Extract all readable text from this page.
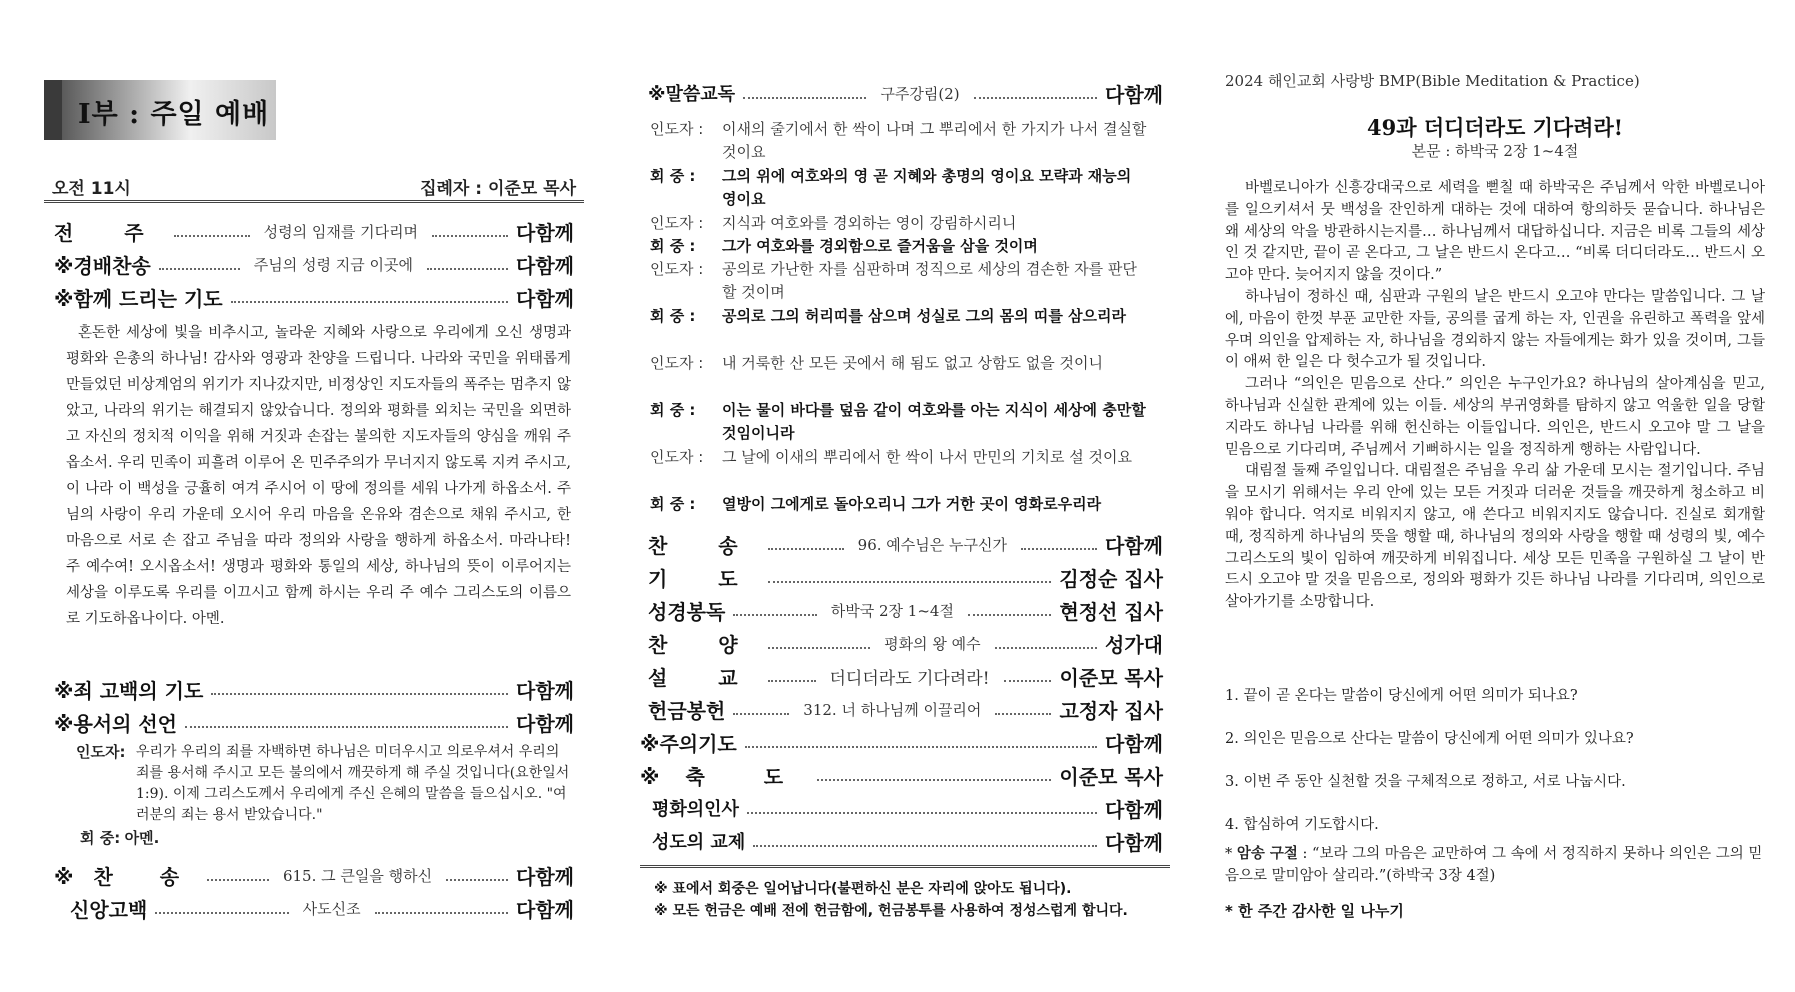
I부 : 주일 예배
오전 11시	집례자 : 이준모 목사
전 주	성령의 임재를 기다리며	다함께
※경배찬송	주님의 성령 지금 이곳에	다함께
※함께 드리는 기도	다함께
혼돈한 세상에 빛을 비추시고, 놀라운 지혜와 사랑으로 우리에게 오신 생명과 평화와 은총의 하나님! 감사와 영광과 찬양을 드립니다. 나라와 국민을 위태롭게 만들었던 비상계엄의 위기가 지나갔지만, 비정상인 지도자들의 폭주는 멈추지 않았고, 나라의 위기는 해결되지 않았습니다. 정의와 평화를 외치는 국민을 외면하고 자신의 정치적 이익을 위해 거짓과 손잡는 불의한 지도자들의 양심을 깨워 주옵소서. 우리 민족이 피흘려 이루어 온 민주주의가 무너지지 않도록 지켜 주시고, 이 나라 이 백성을 긍휼히 여겨 주시어 이 땅에 정의를 세워 나가게 하옵소서. 주님의 사랑이 우리 가운데 오시어 우리 마음을 온유와 겸손으로 채워 주시고, 한 마음으로 서로 손 잡고 주님을 따라 정의와 사랑을 행하게 하옵소서. 마라나타! 주 예수여! 오시옵소서! 생명과 평화와 통일의 세상, 하나님의 뜻이 이루어지는 세상을 이루도록 우리를 이끄시고 함께 하시는 우리 주 예수 그리스도의 이름으로 기도하옵나이다. 아멘.
※죄 고백의 기도	다함께
※용서의 선언	다함께
인도자: 우리가 우리의 죄를 자백하면 하나님은 미더우시고 의로우셔서 우리의 죄를 용서해 주시고 모든 불의에서 깨끗하게 해 주실 것입니다(요한일서 1:9). 이제 그리스도께서 우리에게 주신 은혜의 말씀을 들으십시오. "여러분의 죄는 용서 받았습니다."
회 중: 아멘.
※찬 송	615. 그 큰일을 행하신	다함께
신앙고백	사도신조	다함께
※말씀교독	구주강림(2)	다함께
인도자 :	이새의 줄기에서 한 싹이 나며 그 뿌리에서 한 가지가 나서 결실할 것이요
회 중 :	그의 위에 여호와의 영 곧 지혜와 총명의 영이요 모략과 재능의 영이요
인도자 :	지식과 여호와를 경외하는 영이 강림하시리니
회 중 :	그가 여호와를 경외함으로 즐거움을 삼을 것이며
인도자 :	공의로 가난한 자를 심판하며 정직으로 세상의 겸손한 자를 판단할 것이며
회 중 :	공의로 그의 허리띠를 삼으며 성실로 그의 몸의 띠를 삼으리라
인도자 :	내 거룩한 산 모든 곳에서 해 됨도 없고 상함도 없을 것이니
회 중 :	이는 물이 바다를 덮음 같이 여호와를 아는 지식이 세상에 충만할 것임이니라
인도자 :	그 날에 이새의 뿌리에서 한 싹이 나서 만민의 기치로 설 것이요
회 중 :	열방이 그에게로 돌아오리니 그가 거한 곳이 영화로우리라
찬 송	96. 예수님은 누구신가	다함께
기 도	김정순 집사
성경봉독	하박국 2장 1~4절	현정선 집사
찬 양	평화의 왕 예수	성가대
설 교	더디더라도 기다려라!	이준모 목사
헌금봉헌	312. 너 하나님께 이끌리어	고정자 집사
※주의기도	다함께
※축 도	이준모 목사
평화의인사	다함께
성도의 교제	다함께
※ 표에서 회중은 일어납니다(불편하신 분은 자리에 앉아도 됩니다).
※ 모든 헌금은 예배 전에 헌금함에, 헌금봉투를 사용하여 정성스럽게 합니다.
2024 해인교회 사랑방 BMP(Bible Meditation & Practice)
49과 더디더라도 기다려라!
본문 : 하박국 2장 1~4절

바벨로니아가 신흥강대국으로 세력을 뻗칠 때 하박국은 주님께서 악한 바벨로니아를 일으키셔서 뭇 백성을 잔인하게 대하는 것에 대하여 항의하듯 묻습니다. 하나님은 왜 세상의 악을 방관하시는지를… 하나님께서 대답하십니다. 지금은 비록 그들의 세상인 것 같지만, 끝이 곧 온다고, 그 날은 반드시 온다고… “비록 더디더라도… 반드시 오고야 만다. 늦어지지 않을 것이다.”

하나님이 정하신 때, 심판과 구원의 날은 반드시 오고야 만다는 말씀입니다. 그 날에, 마음이 한껏 부푼 교만한 자들, 공의를 굽게 하는 자, 인권을 유린하고 폭력을 앞세우며 의인을 압제하는 자, 하나님을 경외하지 않는 자들에게는 화가 있을 것이며, 그들이 애써 한 일은 다 헛수고가 될 것입니다.

그러나 “의인은 믿음으로 산다.” 의인은 누구인가요? 하나님의 살아계심을 믿고, 하나님과 신실한 관계에 있는 이들. 세상의 부귀영화를 탐하지 않고 억울한 일을 당할지라도 하나님 나라를 위해 헌신하는 이들입니다. 의인은, 반드시 오고야 말 그 날을 믿음으로 기다리며, 주님께서 기뻐하시는 일을 정직하게 행하는 사람입니다.

대림절 둘째 주일입니다. 대림절은 주님을 우리 삶 가운데 모시는 절기입니다. 주님을 모시기 위해서는 우리 안에 있는 모든 거짓과 더러운 것들을 깨끗하게 청소하고 비워야 합니다. 억지로 비워지지 않고, 애 쓴다고 비워지지도 않습니다. 진실로 회개할 때, 정직하게 하나님의 뜻을 행할 때, 하나님의 정의와 사랑을 행할 때 성령의 빛, 예수 그리스도의 빛이 임하여 깨끗하게 비워집니다. 세상 모든 민족을 구원하실 그 날이 반드시 오고야 말 것을 믿음으로, 정의와 평화가 깃든 하나님 나라를 기다리며, 의인으로 살아가기를 소망합니다.

1. 끝이 곧 온다는 말씀이 당신에게 어떤 의미가 되나요?
2. 의인은 믿음으로 산다는 말씀이 당신에게 어떤 의미가 있나요?
3. 이번 주 동안 실천할 것을 구체적으로 정하고, 서로 나눕시다.
4. 합심하여 기도합시다.
* 암송 구절 : “보라 그의 마음은 교만하여 그 속에 서 정직하지 못하나 의인은 그의 믿음으로 말미암아 살리라.”(하박국 3장 4절)
* 한 주간 감사한 일 나누기
